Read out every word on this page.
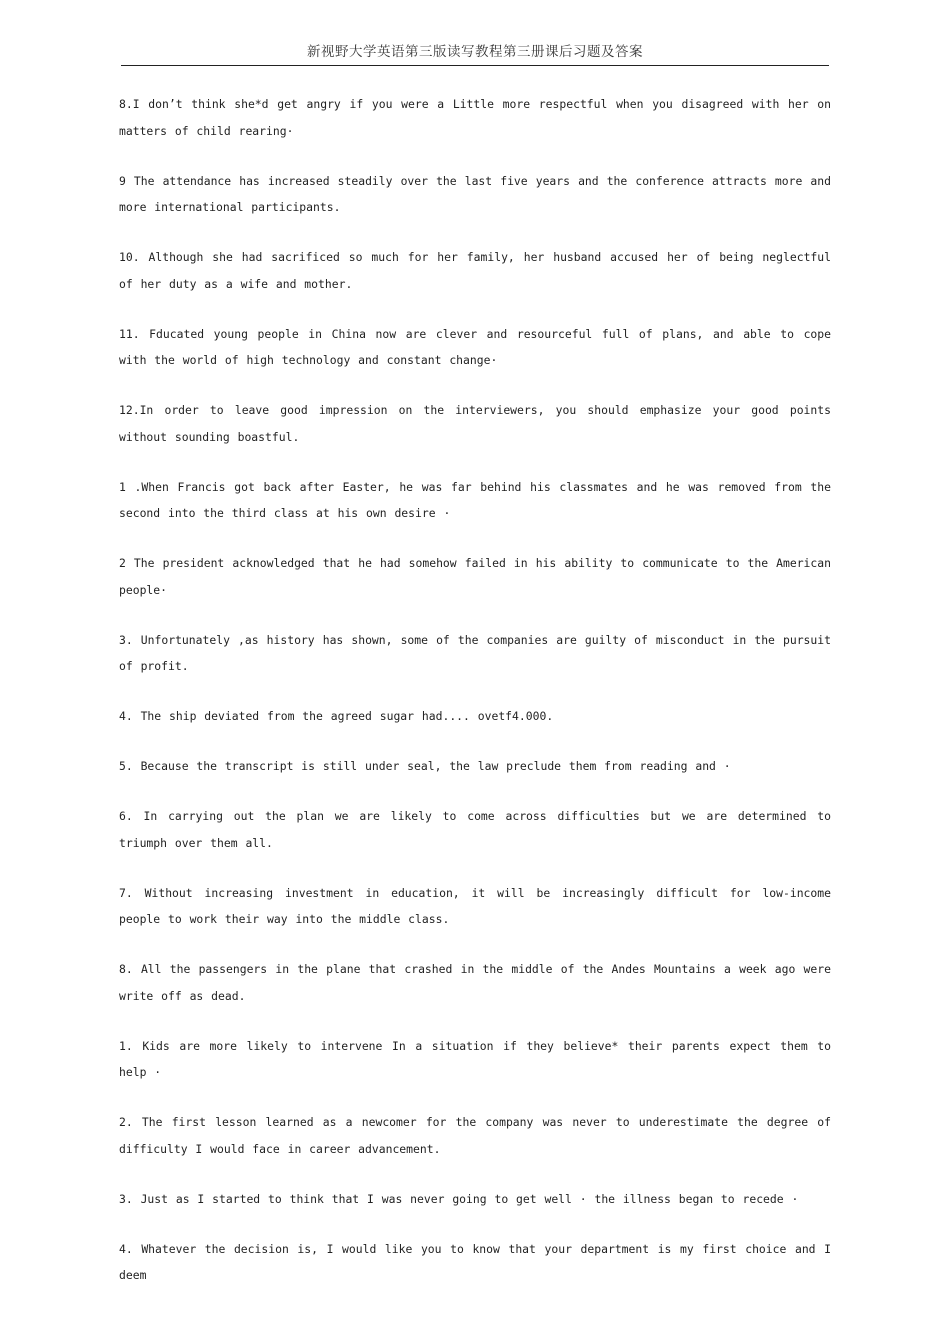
新视野大学英语第三版读写教程第三册课后习题及答案

8.I don’t think she*d get angry if you were a Little more respectful when you disagreed with her on matters of child rearing·

9 The attendance has increased steadily over the last five years and the conference attracts more and more international participants.

10. Although she had sacrificed so much for her family, her husband accused her of being neglectful of her duty as a wife and mother.

11. Fducated young people in China now are clever and resourceful full of plans, and able to cope with the world of high technology and constant change·

12.In order to leave good impression on the interviewers, you should emphasize your good points without sounding boastful.

1 .When Francis got back after Easter, he was far behind his classmates and he was removed from the second into the third class at his own desire ·

2 The president acknowledged that he had somehow failed in his ability to communicate to the American people·

3. Unfortunately ,as history has shown, some of the companies are guilty of misconduct in the pursuit of profit.

4. The ship deviated from the agreed sugar had.... ovetf4.000.

5. Because the transcript is still under seal, the law preclude them from reading and ·

6. In carrying out the plan we are likely to come across difficulties but we are determined to triumph over them all.

7. Without increasing investment in education, it will be increasingly difficult for low-income people to work their way into the middle class.

8. All the passengers in the plane that crashed in the middle of the Andes Mountains a week ago were write off as dead.

1. Kids are more likely to intervene In a situation if they believe* their parents expect them to help ·

2. The first lesson learned as a newcomer for the company was never to underestimate the degree of difficulty I would face in career advancement.

3. Just as I started to think that I was never going to get well · the illness began to recede ·

4. Whatever the decision is, I would like you to know that your department is my first choice and I deem
